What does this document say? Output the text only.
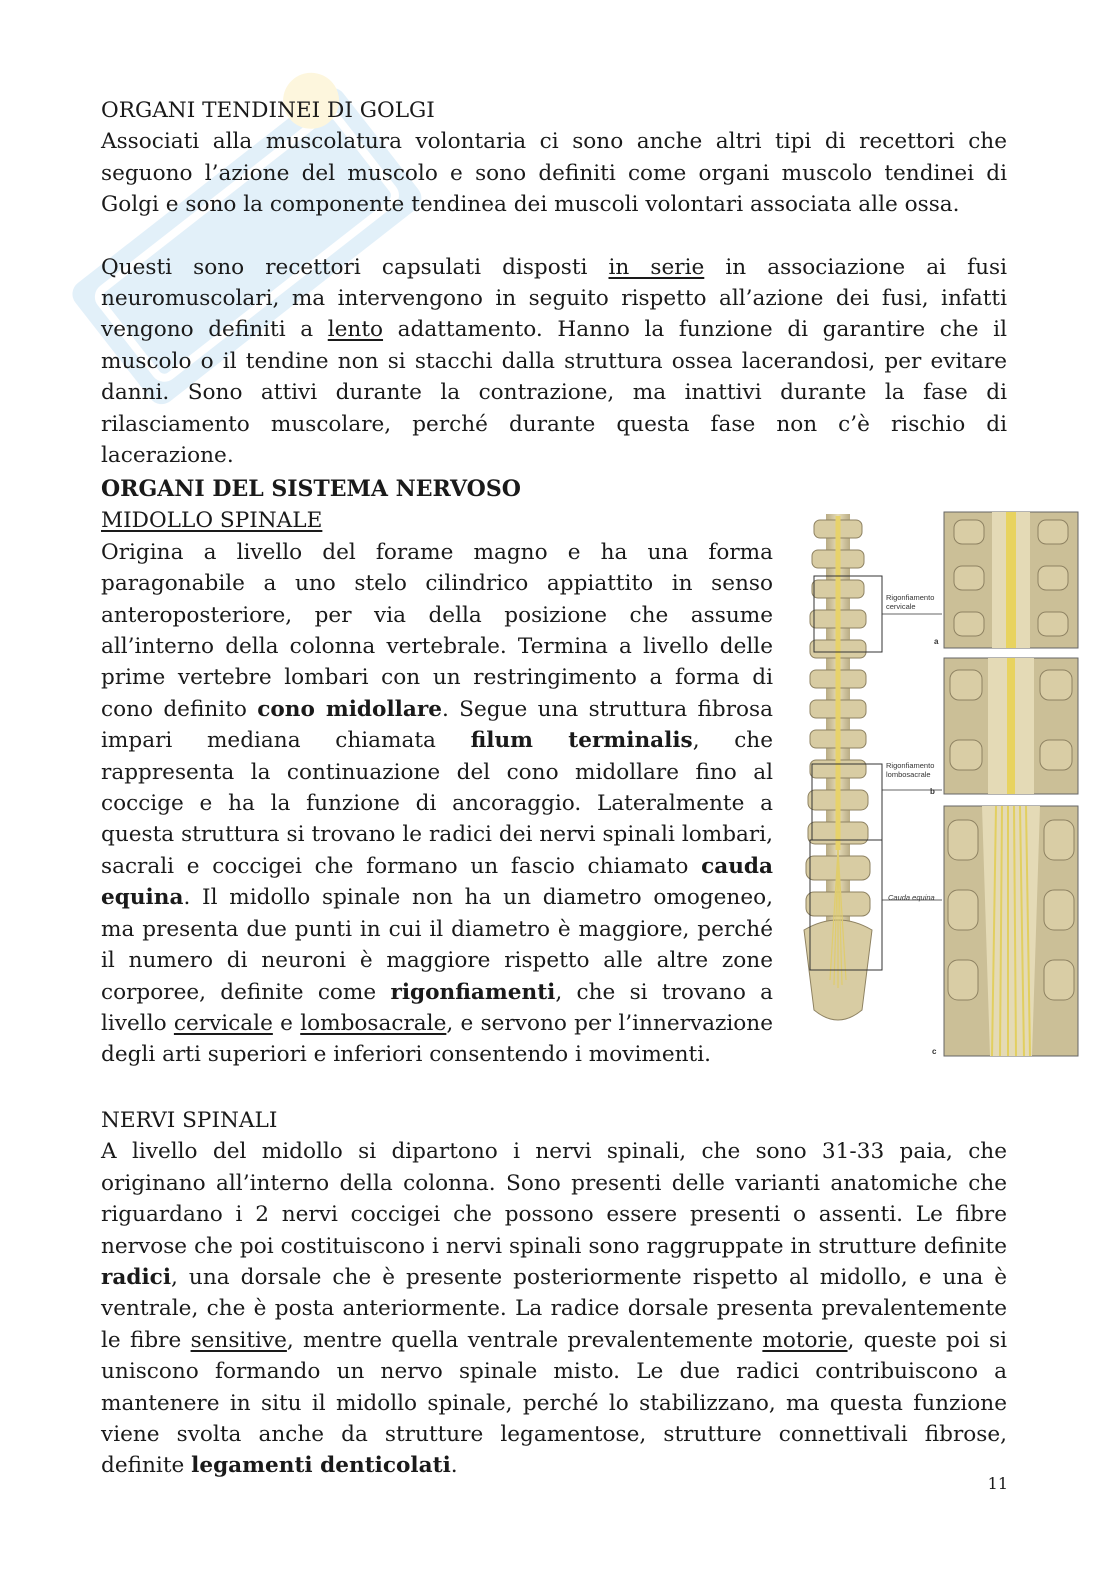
ORGANI TENDINEI DI GOLGI

Associati alla muscolatura volontaria ci sono anche altri tipi di recettori che seguono l’azione del muscolo e sono definiti come organi muscolo tendinei di Golgi e sono la componente tendinea dei muscoli volontari associata alle ossa.

Questi sono recettori capsulati disposti in serie in associazione ai fusi neuromuscolari, ma intervengono in seguito rispetto all’azione dei fusi, infatti vengono definiti a lento adattamento. Hanno la funzione di garantire che il muscolo o il tendine non si stacchi dalla struttura ossea lacerandosi, per evitare danni. Sono attivi durante la contrazione, ma inattivi durante la fase di rilasciamento muscolare, perché durante questa fase non c’è rischio di lacerazione.

ORGANI DEL SISTEMA NERVOSO
MIDOLLO SPINALE

Origina a livello del forame magno e ha una forma paragonabile a uno stelo cilindrico appiattito in senso anteroposteriore, per via della posizione che assume all’interno della colonna vertebrale. Termina a livello delle prime vertebre lombari con un restringimento a forma di cono definito cono midollare. Segue una struttura fibrosa impari mediana chiamata filum terminalis, che rappresenta la continuazione del cono midollare fino al coccige e ha la funzione di ancoraggio. Lateralmente a questa struttura si trovano le radici dei nervi spinali lombari, sacrali e coccigei che formano un fascio chiamato cauda equina. Il midollo spinale non ha un diametro omogeneo, ma presenta due punti in cui il diametro è maggiore, perché il numero di neuroni è maggiore rispetto alle altre zone corporee, definite come rigonfiamenti, che si trovano a livello cervicale e lombosacrale, e servono per l’innervazione degli arti superiori e inferiori consentendo i movimenti.

Rigonfiamento cervicale
Rigonfiamento lombosacrale
Cauda equina
a
b
c
NERVI SPINALI

A livello del midollo si dipartono i nervi spinali, che sono 31-33 paia, che originano all’interno della colonna. Sono presenti delle varianti anatomiche che riguardano i 2 nervi coccigei che possono essere presenti o assenti. Le fibre nervose che poi costituiscono i nervi spinali sono raggruppate in strutture definite radici, una dorsale che è presente posteriormente rispetto al midollo, e una è ventrale, che è posta anteriormente. La radice dorsale presenta prevalentemente le fibre sensitive, mentre quella ventrale prevalentemente motorie, queste poi si uniscono formando un nervo spinale misto. Le due radici contribuiscono a mantenere in situ il midollo spinale, perché lo stabilizzano, ma questa funzione viene svolta anche da strutture legamentose, strutture connettivali fibrose, definite legamenti denticolati.

11
